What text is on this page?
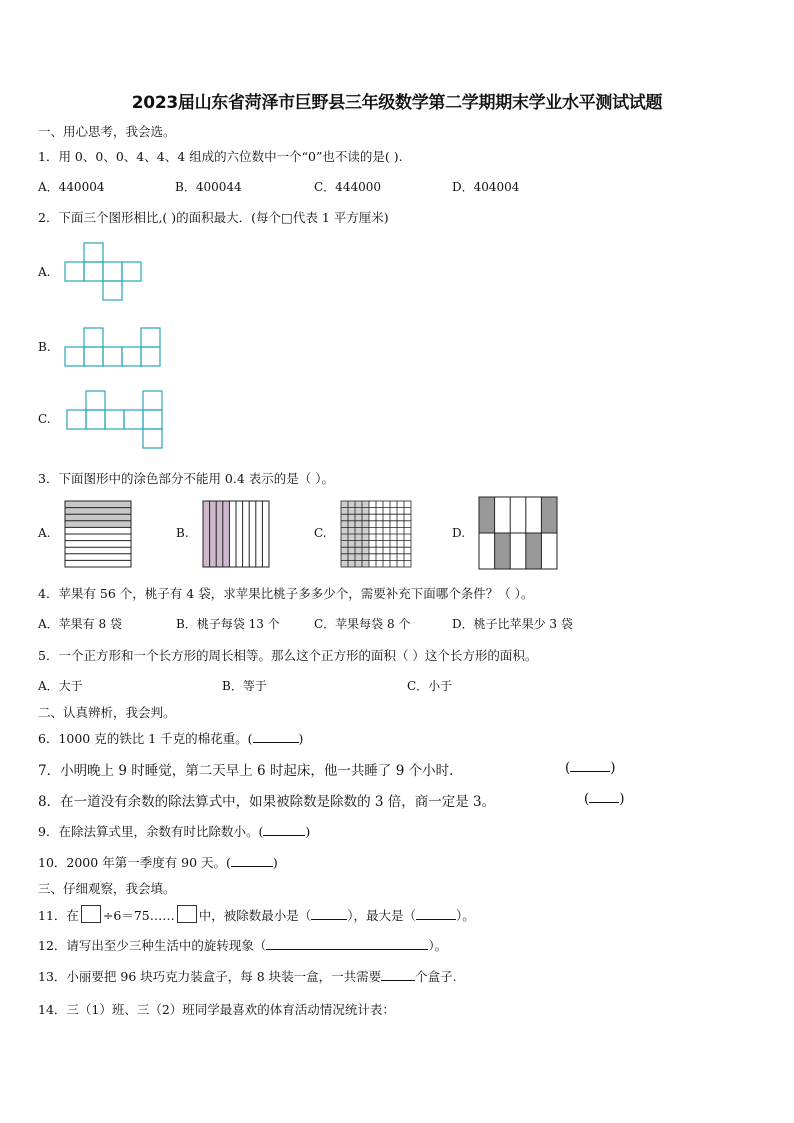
2023届山东省菏泽市巨野县三年级数学第二学期期末学业水平测试试题
一、用心思考，我会选。
1．用 0、0、0、4、4、4 组成的六位数中一个“0”也不读的是( ).
A．440004	B．400044	C．444000	D．404004
2．下面三个图形相比,( )的面积最大．(每个□代表 1 平方厘米)
A.
B.
C.
3．下面图形中的涂色部分不能用 0.4 表示的是（ ）。
A.	B.	C.	D.
4．苹果有 56 个，桃子有 4 袋，求苹果比桃子多多少个，需要补充下面哪个条件？（ ）。
A．苹果有 8 袋	B．桃子每袋 13 个	C．苹果每袋 8 个	D．桃子比苹果少 3 袋
5．一个正方形和一个长方形的周长相等。那么这个正方形的面积（ ）这个长方形的面积。
A．大于	B．等于	C．小于
二、认真辨析，我会判。
6．1000 克的铁比 1 千克的棉花重。(	)
7．小明晚上 9 时睡觉，第二天早上 6 时起床，他一共睡了 9 个小时．	(	)
8．在一道没有余数的除法算式中，如果被除数是除数的 3 倍，商一定是 3。	( )
9．在除法算式里，余数有时比除数小。(	)
10．2000 年第一季度有 90 天。(	)
三、仔细观察，我会填。
11．在 ÷6＝75…… 中，被除数最小是（	），最大是（	）。
12．请写出至少三种生活中的旋转现象（	）。
13．小丽要把 96 块巧克力装盒子，每 8 块装一盒，一共需要	个盒子.
14．三（1）班、三（2）班同学最喜欢的体育活动情况统计表：
